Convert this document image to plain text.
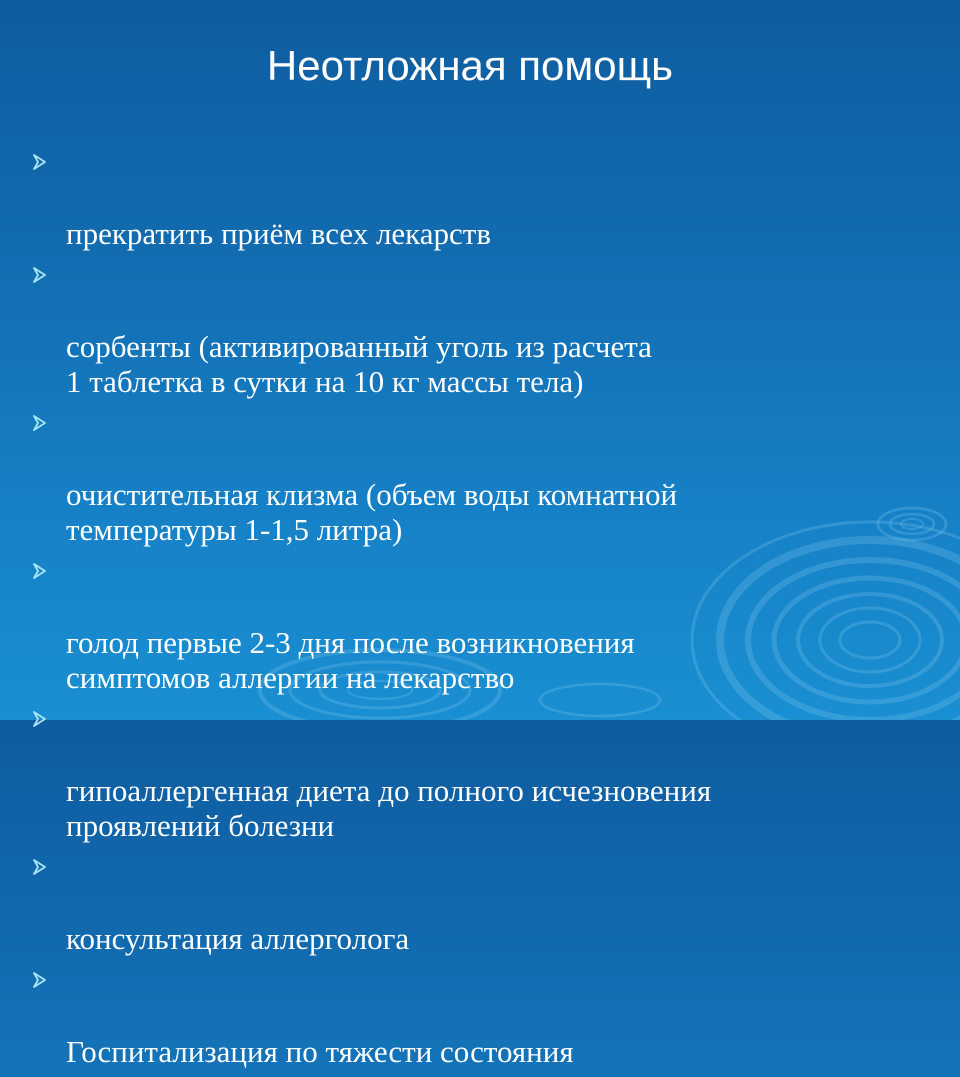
Неотложная помощь

прекратить приём всех лекарств

сорбенты (активированный уголь из расчета
1 таблетка в сутки на 10 кг массы тела)

очистительная клизма (объем воды комнатной
температуры 1-1,5 литра)

голод первые 2-3 дня после возникновения
симптомов аллергии на лекарство

гипоаллергенная диета до полного исчезновения
проявлений болезни

консультация аллерголога

Госпитализация по тяжести состояния
